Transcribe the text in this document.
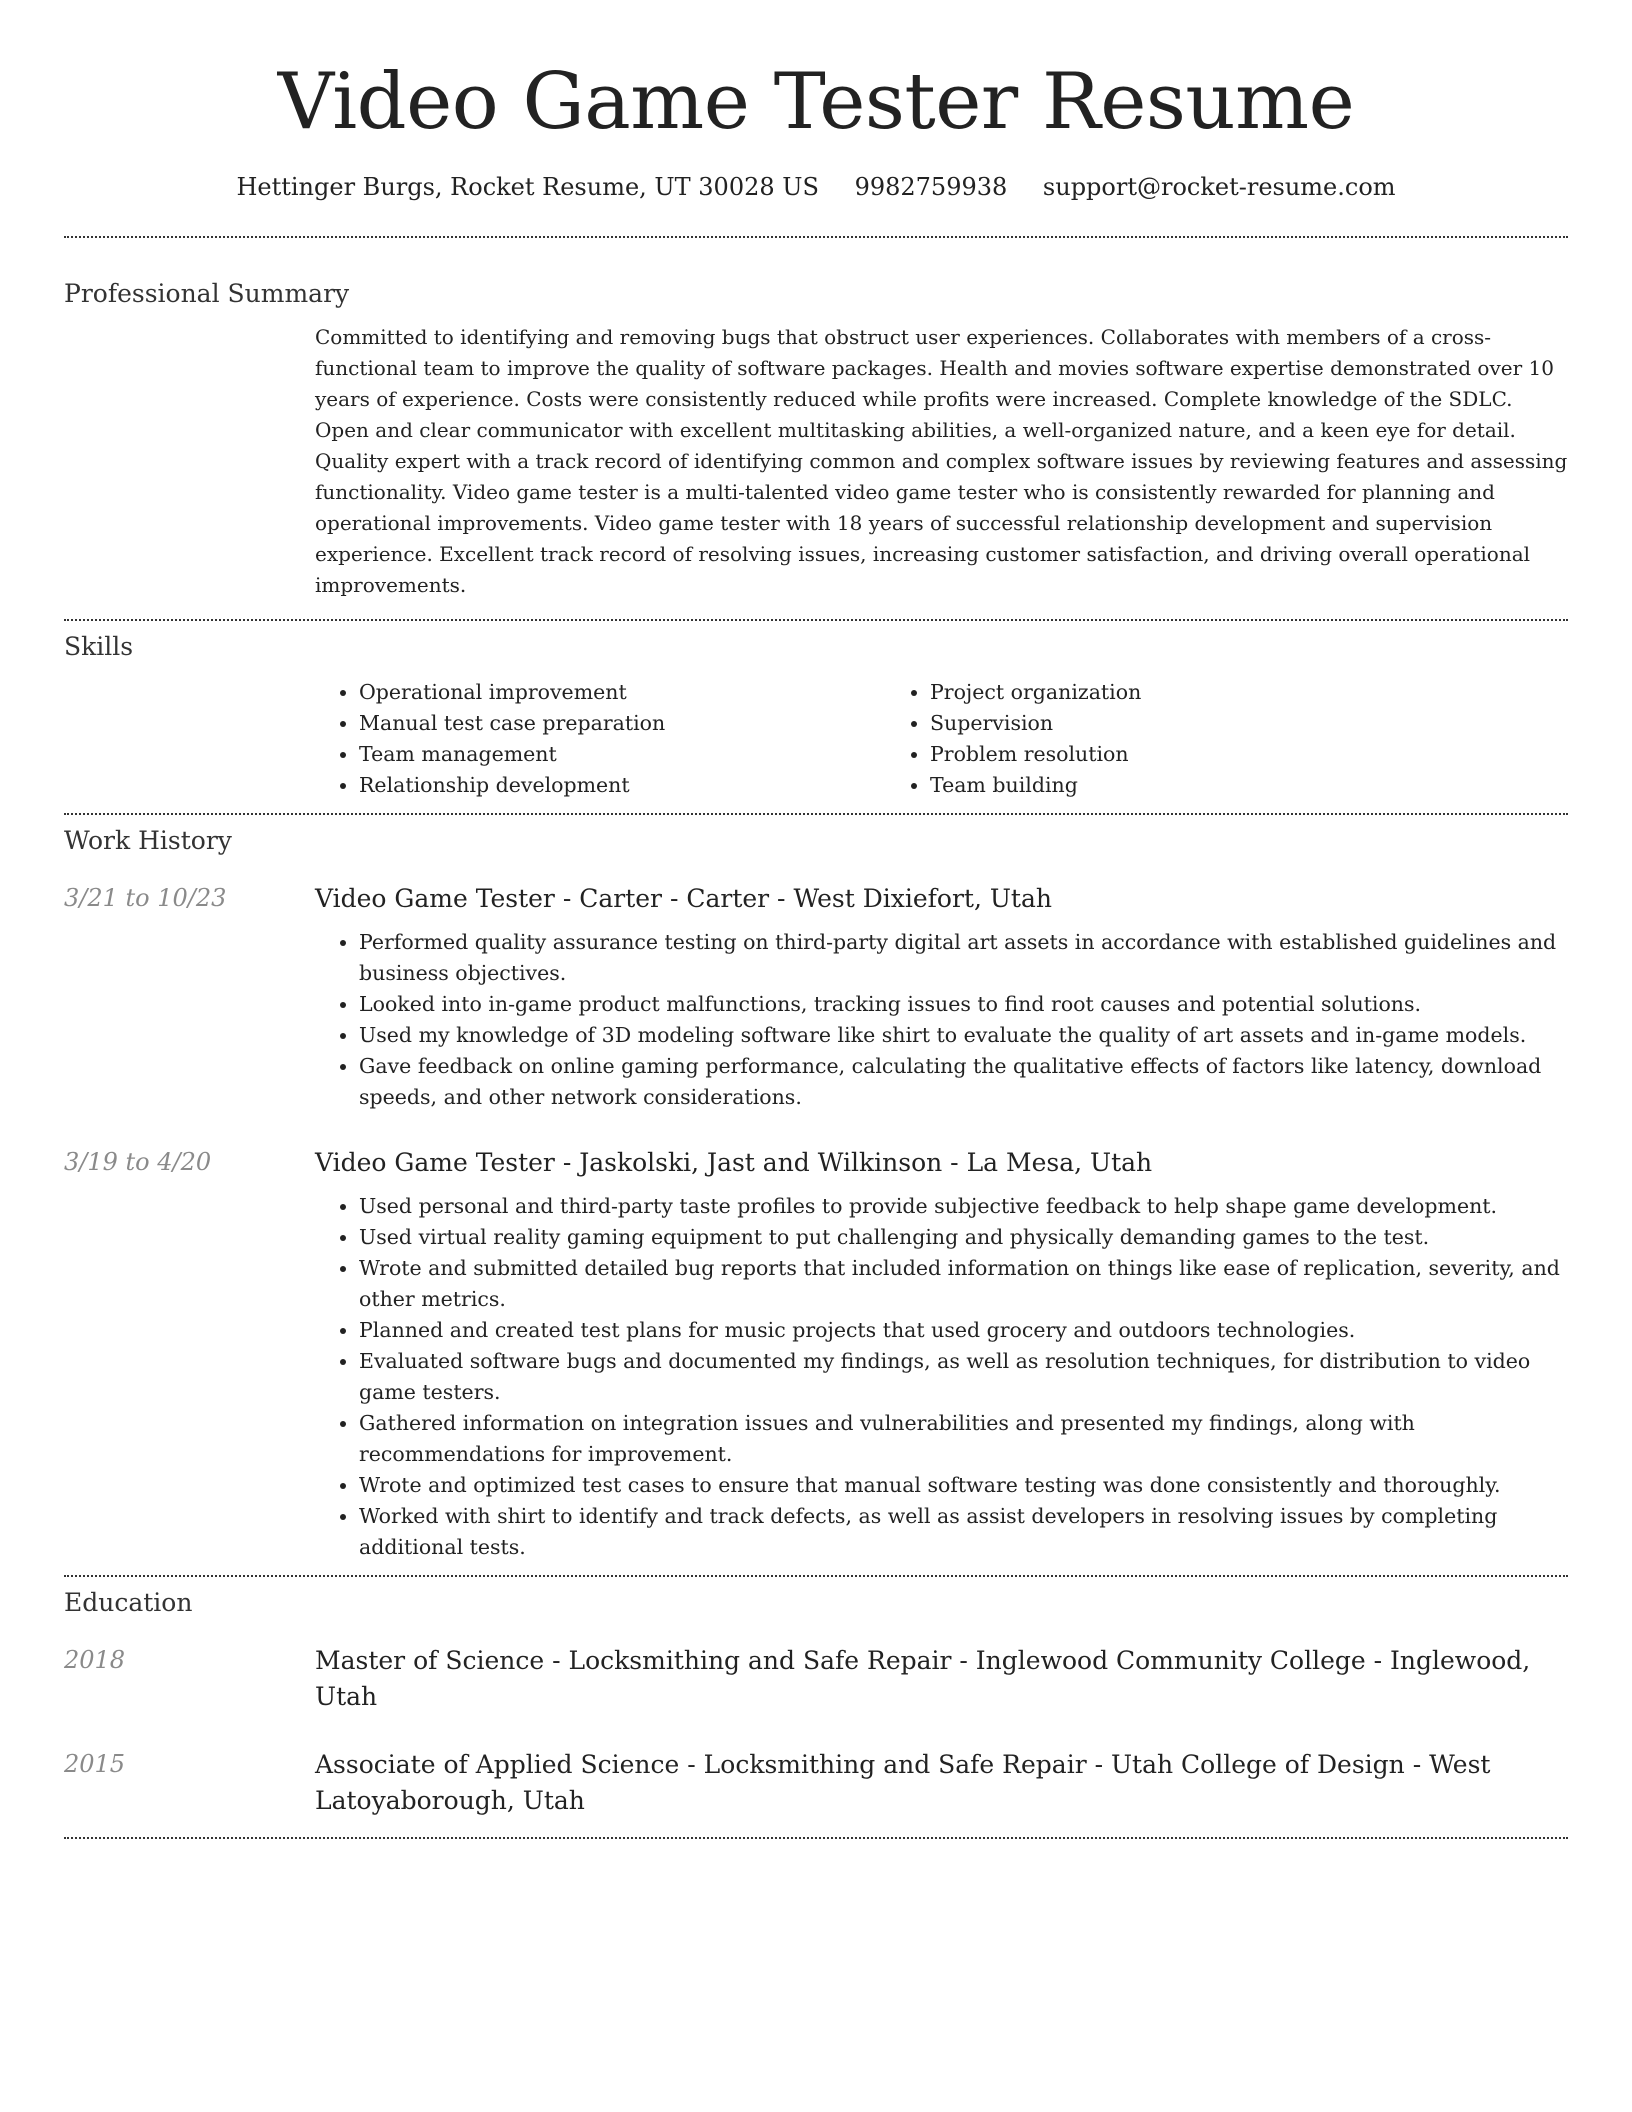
Video Game Tester Resume
Hettinger Burgs, Rocket Resume, UT 30028 US 9982759938 support@rocket-resume.com
Professional Summary

Committed to identifying and removing bugs that obstruct user experiences. Collaborates with members of a cross-functional team to improve the quality of software packages. Health and movies software expertise demonstrated over 10 years of experience. Costs were consistently reduced while profits were increased. Complete knowledge of the SDLC. Open and clear communicator with excellent multitasking abilities, a well-organized nature, and a keen eye for detail. Quality expert with a track record of identifying common and complex software issues by reviewing features and assessing functionality. Video game tester is a multi-talented video game tester who is consistently rewarded for planning and operational improvements. Video game tester with 18 years of successful relationship development and supervision experience. Excellent track record of resolving issues, increasing customer satisfaction, and driving overall operational improvements.

Skills
• Operational improvement
• Manual test case preparation
• Team management
• Relationship development
• Project organization
• Supervision
• Problem resolution
• Team building
Work History
3/21 to 10/23	Video Game Tester - Carter - Carter - West Dixiefort, Utah
• Performed quality assurance testing on third-party digital art assets in accordance with established guidelines and business objectives.
• Looked into in-game product malfunctions, tracking issues to find root causes and potential solutions.
• Used my knowledge of 3D modeling software like shirt to evaluate the quality of art assets and in-game models.
• Gave feedback on online gaming performance, calculating the qualitative effects of factors like latency, download speeds, and other network considerations.
3/19 to 4/20	Video Game Tester - Jaskolski, Jast and Wilkinson - La Mesa, Utah
• Used personal and third-party taste profiles to provide subjective feedback to help shape game development.
• Used virtual reality gaming equipment to put challenging and physically demanding games to the test.
• Wrote and submitted detailed bug reports that included information on things like ease of replication, severity, and other metrics.
• Planned and created test plans for music projects that used grocery and outdoors technologies.
• Evaluated software bugs and documented my findings, as well as resolution techniques, for distribution to video game testers.
• Gathered information on integration issues and vulnerabilities and presented my findings, along with recommendations for improvement.
• Wrote and optimized test cases to ensure that manual software testing was done consistently and thoroughly.
• Worked with shirt to identify and track defects, as well as assist developers in resolving issues by completing additional tests.
Education
2018	Master of Science - Locksmithing and Safe Repair - Inglewood Community College - Inglewood, Utah
2015	Associate of Applied Science - Locksmithing and Safe Repair - Utah College of Design - West Latoyaborough, Utah
